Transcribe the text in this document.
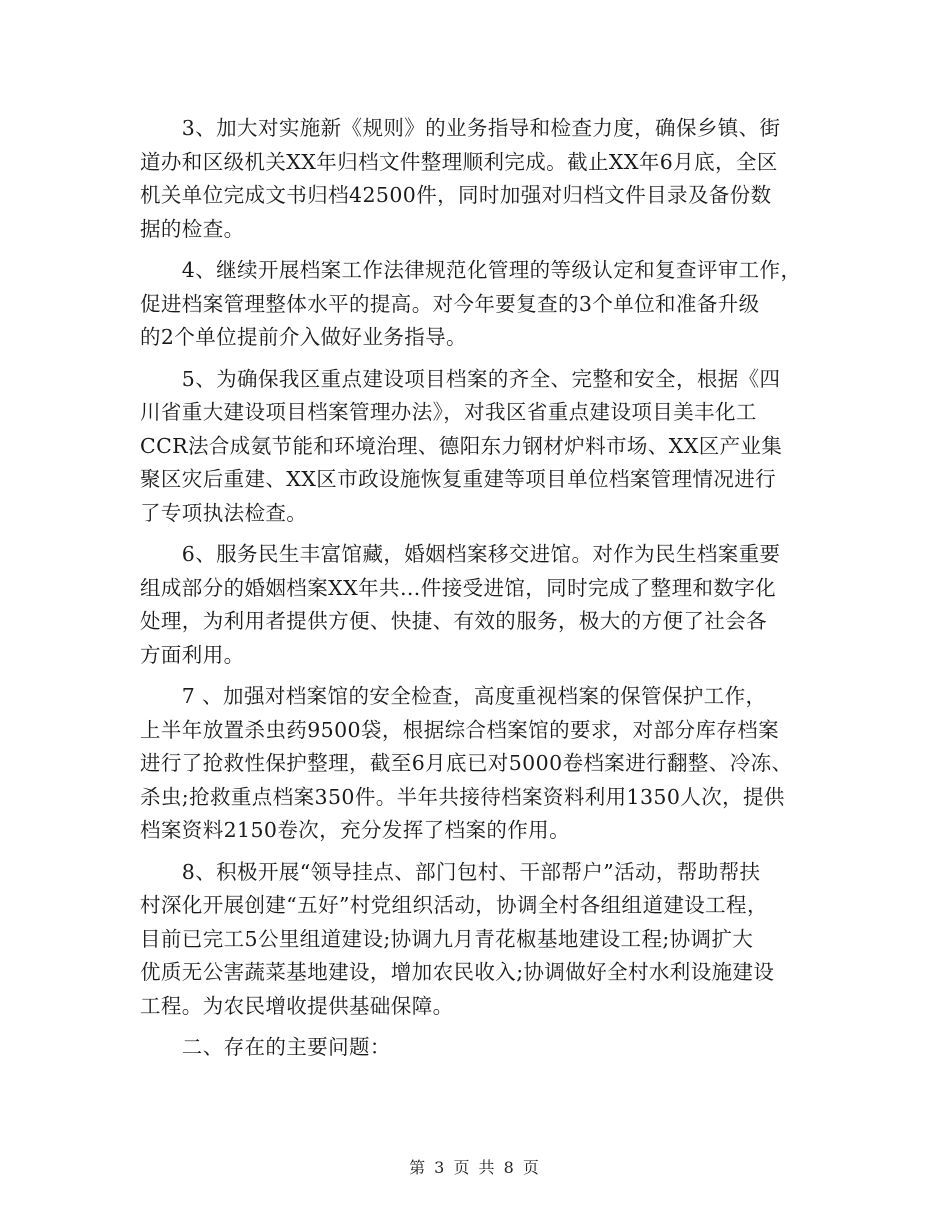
　　3、加大对实施新《规则》的业务指导和检查力度，确保乡镇、街
道办和区级机关XX年归档文件整理顺利完成。截止XX年6月底，全区
机关单位完成文书归档42500件，同时加强对归档文件目录及备份数
据的检查。

　　4、继续开展档案工作法律规范化管理的等级认定和复查评审工作，
促进档案管理整体水平的提高。对今年要复查的3个单位和准备升级
的2个单位提前介入做好业务指导。

　　5、为确保我区重点建设项目档案的齐全、完整和安全，根据《四
川省重大建设项目档案管理办法》，对我区省重点建设项目美丰化工
CCR法合成氨节能和环境治理、德阳东力钢材炉料市场、XX区产业集
聚区灾后重建、XX区市政设施恢复重建等项目单位档案管理情况进行
了专项执法检查。

　　6、服务民生丰富馆藏，婚姻档案移交进馆。对作为民生档案重要
组成部分的婚姻档案XX年共…件接受进馆，同时完成了整理和数字化
处理，为利用者提供方便、快捷、有效的服务，极大的方便了社会各
方面利用。

　　7 、加强对档案馆的安全检查，高度重视档案的保管保护工作，
上半年放置杀虫药9500袋，根据综合档案馆的要求，对部分库存档案
进行了抢救性保护整理，截至6月底已对5000卷档案进行翻整、冷冻、
杀虫;抢救重点档案350件。半年共接待档案资料利用1350人次，提供
档案资料2150卷次，充分发挥了档案的作用。

　　8、积极开展“领导挂点、部门包村、干部帮户”活动，帮助帮扶
村深化开展创建“五好”村党组织活动，协调全村各组组道建设工程，
目前已完工5公里组道建设;协调九月青花椒基地建设工程;协调扩大
优质无公害蔬菜基地建设，增加农民收入;协调做好全村水利设施建设
工程。为农民增收提供基础保障。

　　二、存在的主要问题：

第 3 页 共 8 页
